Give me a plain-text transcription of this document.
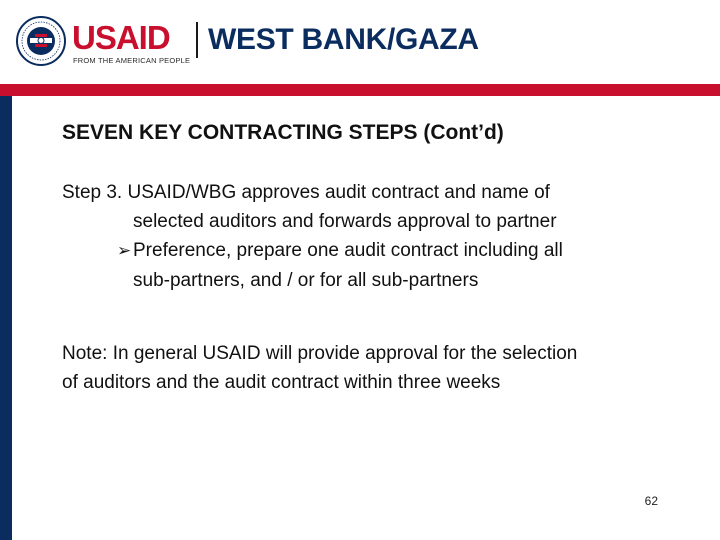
USAID
FROM THE AMERICAN PEOPLE
WEST BANK/GAZA
SEVEN KEY CONTRACTING STEPS (Cont’d)
Step 3. USAID/WBG approves audit contract and name of
selected auditors and forwards approval to partner
➢Preference, prepare one audit contract including all
sub-partners, and / or for all sub-partners
Note: In general USAID will provide approval for the selection
of auditors and the audit contract within three weeks
62
